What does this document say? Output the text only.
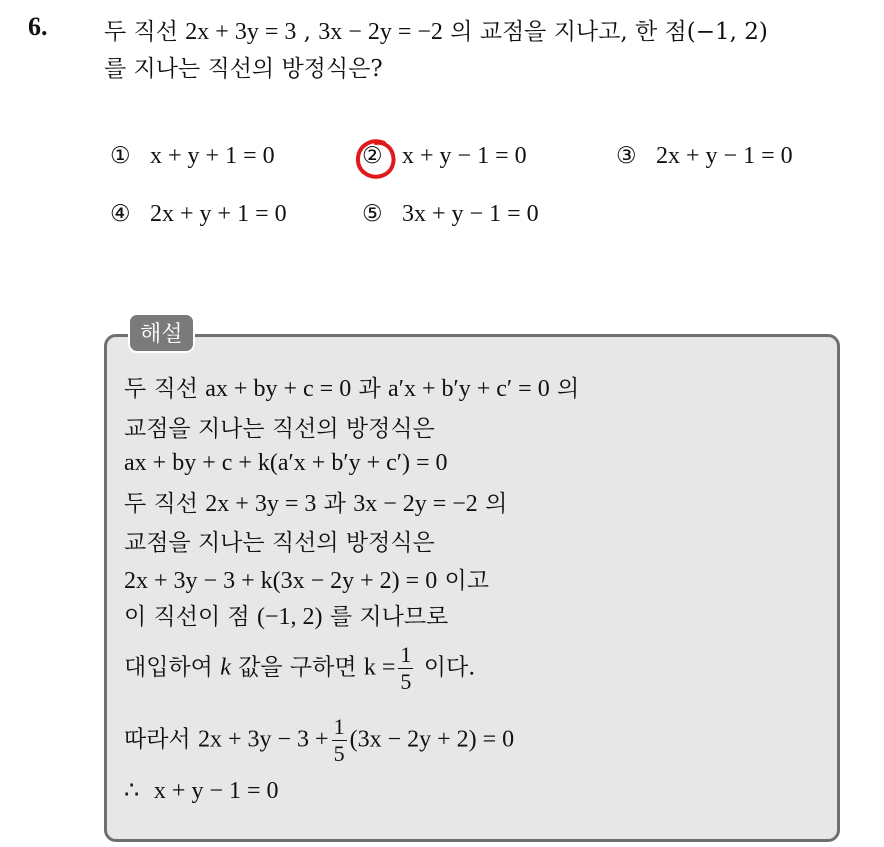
6. 두 직선 2x + 3y = 3 , 3x − 2y = −2 의 교점을 지나고, 한 점(−1, 2)
를 지나는 직선의 방정식은?
① x + y + 1 = 0	② x + y − 1 = 0	③ 2x + y − 1 = 0
④ 2x + y + 1 = 0	⑤ 3x + y − 1 = 0
해설
두 직선 ax + by + c = 0 과 a′x + b′y + c′ = 0 의
교점을 지나는 직선의 방정식은
ax + by + c + k(a′x + b′y + c′) = 0
두 직선 2x + 3y = 3 과 3x − 2y = −2 의
교점을 지나는 직선의 방정식은
2x + 3y − 3 + k(3x − 2y + 2) = 0 이고
이 직선이 점 (−1, 2) 를 지나므로
대입하여 k 값을 구하면 $k = \frac{1}{5}$ 이다.
따라서 $2x + 3y - 3 + \frac{1}{5} (3x - 2y + 2) = 0$
∴ x + y − 1 = 0
